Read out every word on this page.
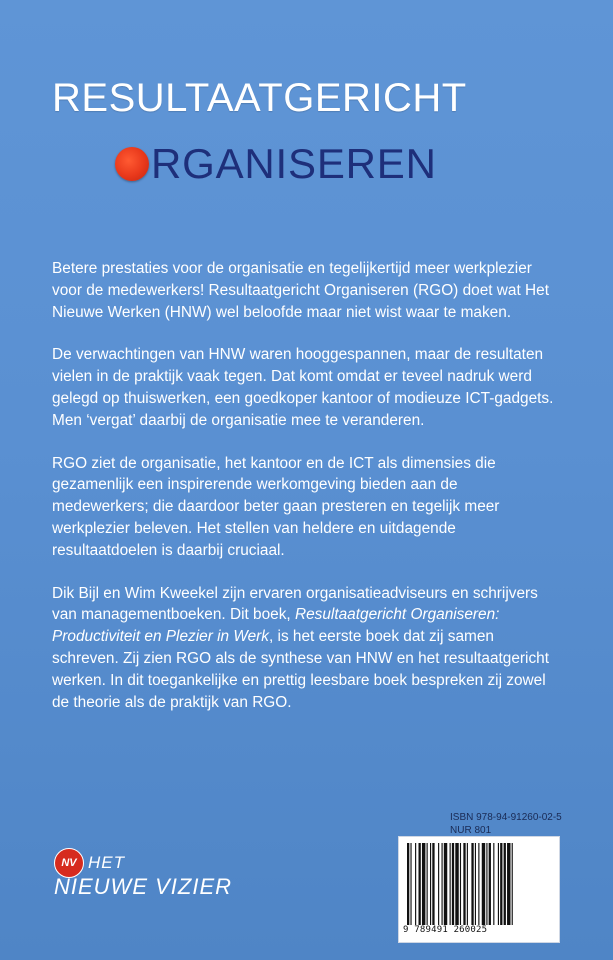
RESULTAATGERICHT
RGANISEREN

Betere prestaties voor de organisatie en tegelijkertijd meer werkplezier voor de medewerkers! Resultaatgericht Organiseren (RGO) doet wat Het Nieuwe Werken (HNW) wel beloofde maar niet wist waar te maken.

De verwachtingen van HNW waren hooggespannen, maar de resultaten vielen in de praktijk vaak tegen. Dat komt omdat er teveel nadruk werd gelegd op thuiswerken, een goedkoper kantoor of modieuze ICT-gadgets. Men ‘vergat’ daarbij de organisatie mee te veranderen.

RGO ziet de organisatie, het kantoor en de ICT als dimensies die gezamenlijk een inspirerende werkomgeving bieden aan de medewerkers; die daardoor beter gaan presteren en tegelijk meer werkplezier beleven. Het stellen van heldere en uitdagende resultaatdoelen is daarbij cruciaal.

Dik Bijl en Wim Kweekel zijn ervaren organisatieadviseurs en schrijvers van managementboeken. Dit boek, Resultaatgericht Organiseren: Productiviteit en Plezier in Werk, is het eerste boek dat zij samen schreven. Zij zien RGO als de synthese van HNW en het resultaatgericht werken. In dit toegankelijke en prettig leesbare boek bespreken zij zowel de theorie als de praktijk van RGO.

NV HET
NIEUWE VIZIER
ISBN 978-94-91260-02-5
NUR 801
9 789491 260025
